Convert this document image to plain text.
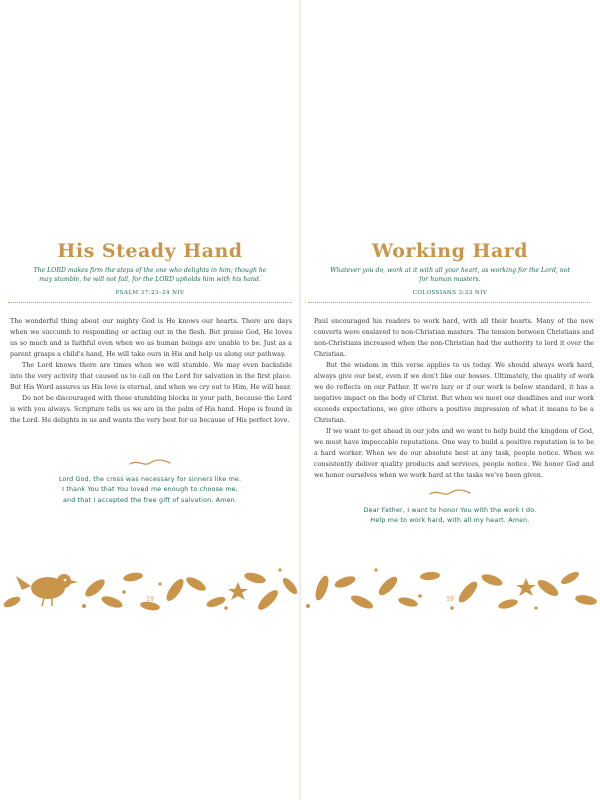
His Steady Hand

The LORD makes firm the steps of the one who delights in him; though he may stumble, he will not fall, for the LORD upholds him with his hand.

PSALM 37:23–24 NIV

The wonderful thing about our mighty God is He knows our hearts. There are days when we succumb to responding or acting out in the flesh. But praise God, He loves us so much and is faithful even when we as human beings are unable to be. Just as a parent grasps a child's hand, He will take ours in His and help us along our pathway.

The Lord knows there are times when we will stumble. We may even backslide into the very activity that caused us to call on the Lord for salvation in the first place. But His Word assures us His love is eternal, and when we cry out to Him, He will hear.

Do not be discouraged with those stumbling blocks in your path, because the Lord is with you always. Scripture tells us we are in the palm of His hand. Hope is found in the Lord. He delights in us and wants the very best for us because of His perfect love.

Lord God, the cross was necessary for sinners like me.
I thank You that You loved me enough to choose me,
and that I accepted the free gift of salvation. Amen.
18
Working Hard

Whatever you do, work at it with all your heart, as working for the Lord, not for human masters.

COLOSSIANS 3:23 NIV

Paul encouraged his readers to work hard, with all their hearts. Many of the new converts were enslaved to non-Christian masters. The tension between Christians and non-Christians increased when the non-Christian had the authority to lord it over the Christian.

But the wisdom in this verse applies to us today. We should always work hard, always give our best, even if we don't like our bosses. Ultimately, the quality of work we do reflects on our Father. If we're lazy or if our work is below standard, it has a negative impact on the body of Christ. But when we meet our deadlines and our work exceeds expectations, we give others a positive impression of what it means to be a Christian.

If we want to get ahead in our jobs and we want to help build the kingdom of God, we must have impeccable reputations. One way to build a positive reputation is to be a hard worker. When we do our absolute best at any task, people notice. When we consistently deliver quality products and services, people notice. We honor God and we honor ourselves when we work hard at the tasks we've been given.

Dear Father, I want to honor You with the work I do.
Help me to work hard, with all my heart. Amen.
19
